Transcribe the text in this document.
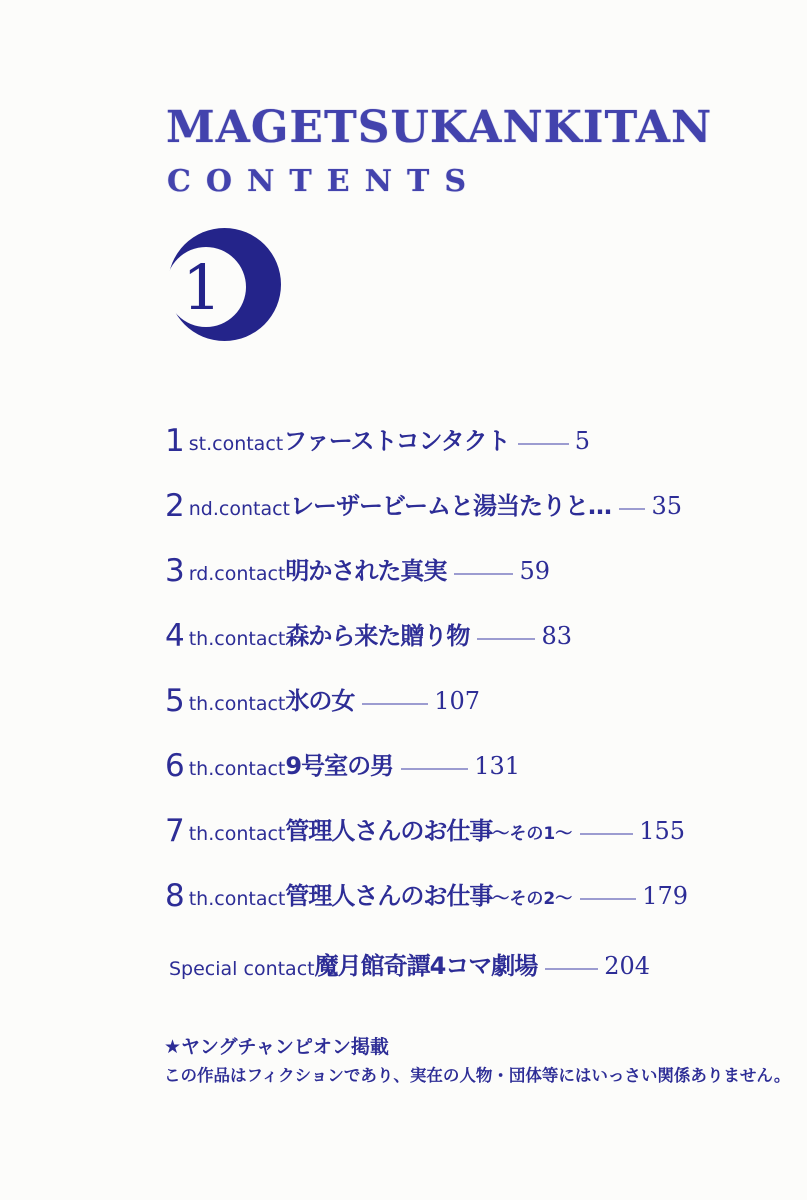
MAGETSUKANKITAN
CONTENTS
1
1 st.contact ファーストコンタクト	5
2 nd.contact レーザービームと湯当たりと… 35
3 rd.contact 明かされた真実	59
4 th.contact 森から来た贈り物	83
5 th.contact 氷の女	107
6 th.contact 9号室の男	131
7 th.contact 管理人さんのお仕事 ～その1～	155
8 th.contact 管理人さんのお仕事 ～その2～	179
Special contact 魔月館奇譚4コマ劇場	204
★ヤングチャンピオン掲載
この作品はフィクションであり、実在の人物・団体等にはいっさい関係ありません。
